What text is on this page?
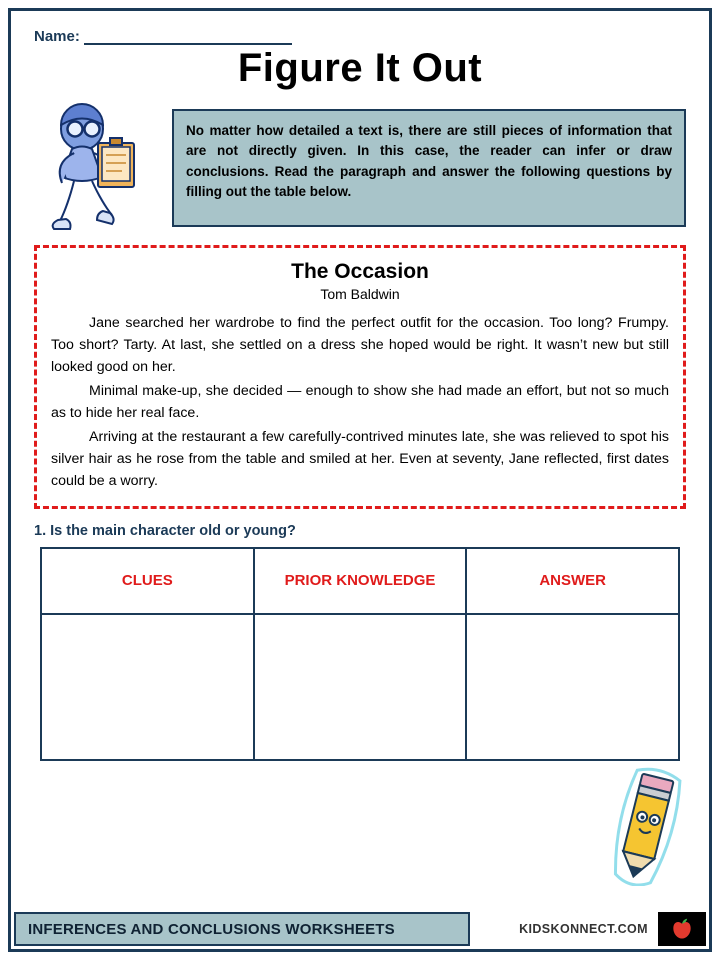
Name:
Figure It Out
No matter how detailed a text is, there are still pieces of information that are not directly given. In this case, the reader can infer or draw conclusions. Read the paragraph and answer the following questions by filling out the table below.
The Occasion
Tom Baldwin

Jane searched her wardrobe to find the perfect outfit for the occasion. Too long? Frumpy. Too short? Tarty. At last, she settled on a dress she hoped would be right. It wasn’t new but still looked good on her.

Minimal make-up, she decided — enough to show she had made an effort, but not so much as to hide her real face.

Arriving at the restaurant a few carefully-contrived minutes late, she was relieved to spot his silver hair as he rose from the table and smiled at her. Even at seventy, Jane reflected, first dates could be a worry.

1. Is the main character old or young?
CLUES	PRIOR KNOWLEDGE	ANSWER

INFERENCES AND CONCLUSIONS WORKSHEETS	KIDSKONNECT.COM
